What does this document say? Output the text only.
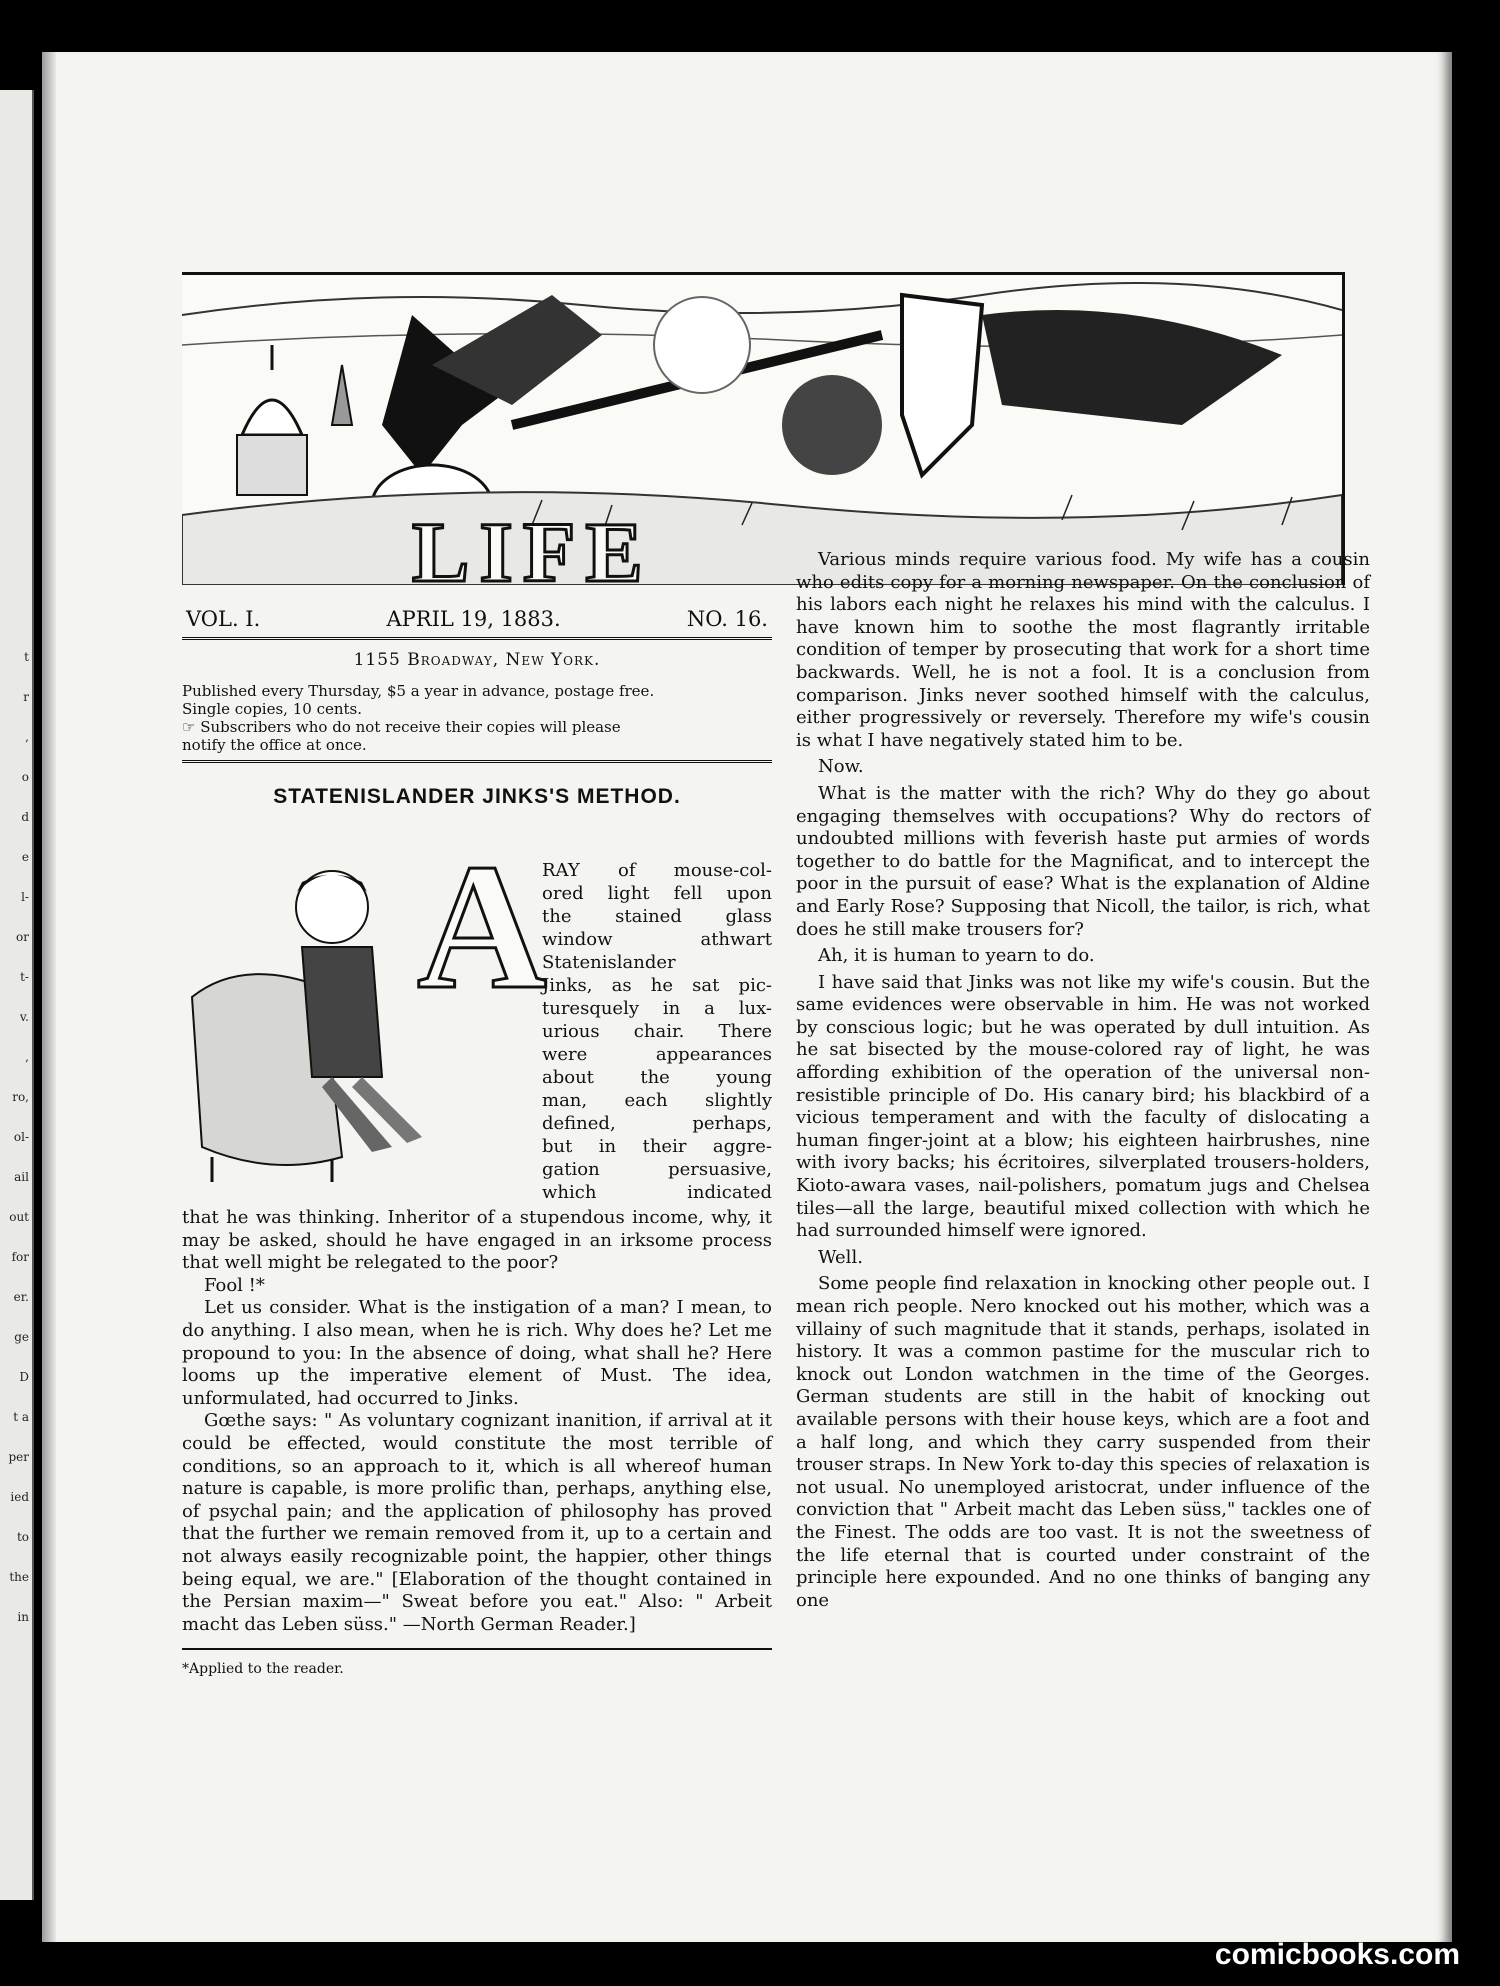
t
r
,
o
d
e
l-
or
t-
v.
,
ro,
ol-
ail
out
for
er.
ge
D
t a
per
ied
to
the
in
LIFE
VOL. I.	APRIL 19, 1883.	NO. 16.
1155 Broadway, New York.

Published every Thursday, $5 a year in advance, postage free.

Single copies, 10 cents.

☞ Subscribers who do not receive their copies will please

notify the office at once.

STATENISLANDER JINKS'S METHOD.
A

RAY of mouse-col-

ored light fell upon

the stained glass

window athwart

Statenislander

Jinks, as he sat pic-

turesquely in a lux-

urious chair. There

were appearances

about the young

man, each slightly

defined, perhaps,

but in their aggre-

gation persuasive,

which indicated

that he was thinking. Inheritor of a stupendous income, why, it may be asked, should he have engaged in an irksome process that well might be relegated to the poor?

Fool !*

Let us consider. What is the instigation of a man? I mean, to do anything. I also mean, when he is rich. Why does he? Let me propound to you: In the absence of doing, what shall he? Here looms up the imperative element of Must. The idea, unformulated, had occurred to Jinks.

Gœthe says: " As voluntary cognizant inanition, if arrival at it could be effected, would constitute the most terrible of conditions, so an approach to it, which is all whereof human nature is capable, is more prolific than, perhaps, anything else, of psychal pain; and the application of philosophy has proved that the further we remain removed from it, up to a certain and not always easily recognizable point, the happier, other things being equal, we are." [Elaboration of the thought contained in the Persian maxim—" Sweat before you eat." Also: " Arbeit macht das Leben süss." —North German Reader.]

*Applied to the reader.

Various minds require various food. My wife has a cousin who edits copy for a morning newspaper. On the conclusion of his labors each night he relaxes his mind with the calculus. I have known him to soothe the most flagrantly irritable condition of temper by prosecuting that work for a short time backwards. Well, he is not a fool. It is a conclusion from comparison. Jinks never soothed himself with the calculus, either progressively or reversely. Therefore my wife's cousin is what I have negatively stated him to be.

Now.

What is the matter with the rich? Why do they go about engaging themselves with occupations? Why do rectors of undoubted millions with feverish haste put armies of words together to do battle for the Magnificat, and to intercept the poor in the pursuit of ease? What is the explanation of Aldine and Early Rose? Supposing that Nicoll, the tailor, is rich, what does he still make trousers for?

Ah, it is human to yearn to do.

I have said that Jinks was not like my wife's cousin. But the same evidences were observable in him. He was not worked by conscious logic; but he was operated by dull intuition. As he sat bisected by the mouse-colored ray of light, he was affording exhibition of the operation of the universal non-resistible principle of Do. His canary bird; his blackbird of a vicious temperament and with the faculty of dislocating a human finger-joint at a blow; his eighteen hairbrushes, nine with ivory backs; his écritoires, silverplated trousers-holders, Kioto-awara vases, nail-polishers, pomatum jugs and Chelsea tiles—all the large, beautiful mixed collection with which he had surrounded himself were ignored.

Well.

Some people find relaxation in knocking other people out. I mean rich people. Nero knocked out his mother, which was a villainy of such magnitude that it stands, perhaps, isolated in history. It was a common pastime for the muscular rich to knock out London watchmen in the time of the Georges. German students are still in the habit of knocking out available persons with their house keys, which are a foot and a half long, and which they carry suspended from their trouser straps. In New York to-day this species of relaxation is not usual. No unemployed aristocrat, under influence of the conviction that " Arbeit macht das Leben süss," tackles one of the Finest. The odds are too vast. It is not the sweetness of the life eternal that is courted under constraint of the principle here expounded. And no one thinks of banging any one

comicbooks.com
